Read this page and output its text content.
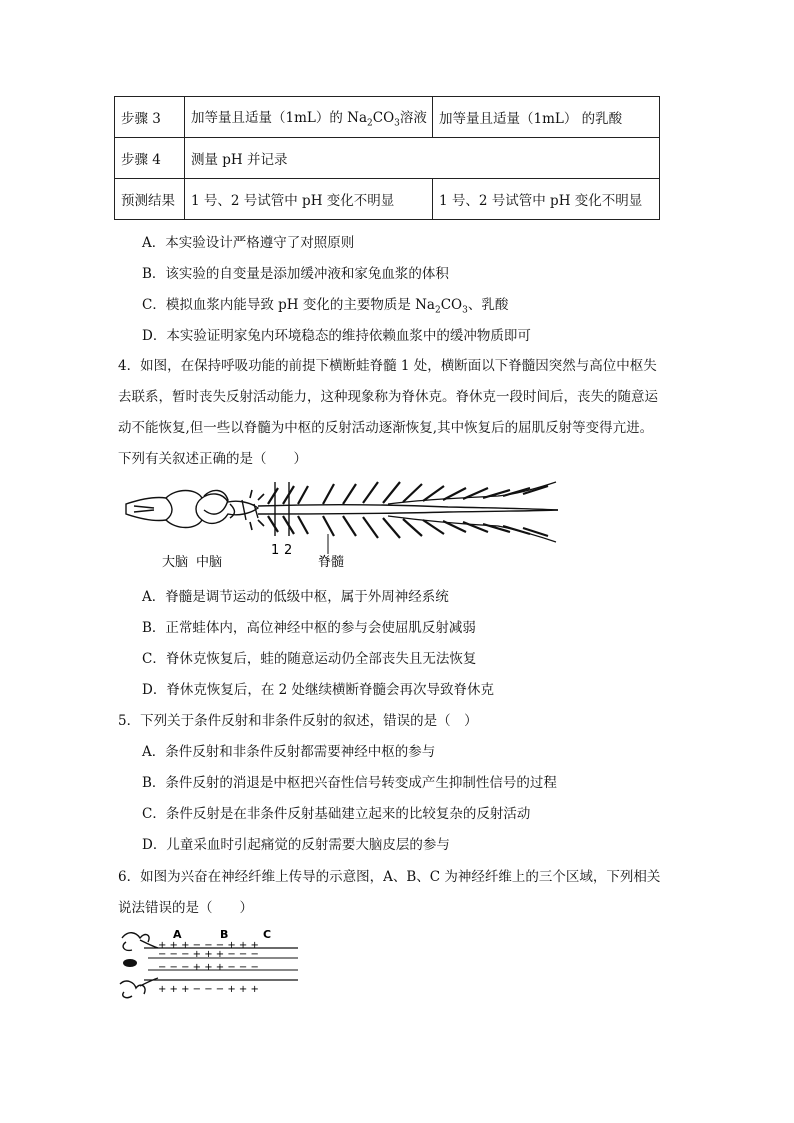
步骤 3	加等量且适量（1mL）的 $Na_2CO_3$溶液	加等量且适量（1mL） 的乳酸
步骤 4	测量 pH 并记录	
预测结果	1 号、2 号试管中 pH 变化不明显	1 号、2 号试管中 pH 变化不明显
A．本实验设计严格遵守了对照原则
B．该实验的自变量是添加缓冲液和家兔血浆的体积
C．模拟血浆内能导致 pH 变化的主要物质是 $Na_2CO_3$、乳酸
D．本实验证明家兔内环境稳态的维持依赖血浆中的缓冲物质即可
4．如图，在保持呼吸功能的前提下横断蛙脊髓 1 处，横断面以下脊髓因突然与高位中枢失
去联系，暂时丧失反射活动能力，这种现象称为脊休克。脊休克一段时间后，丧失的随意运
动不能恢复,但一些以脊髓为中枢的反射活动逐渐恢复,其中恢复后的屈肌反射等变得亢进。
下列有关叙述正确的是（　　）
大脑 中脑
1 2
脊髓
A．脊髓是调节运动的低级中枢，属于外周神经系统
B．正常蛙体内，高位神经中枢的参与会使屈肌反射减弱
C．脊休克恢复后，蛙的随意运动仍全部丧失且无法恢复
D．脊休克恢复后，在 2 处继续横断脊髓会再次导致脊休克
5．下列关于条件反射和非条件反射的叙述，错误的是（　）
A．条件反射和非条件反射都需要神经中枢的参与
B．条件反射的消退是中枢把兴奋性信号转变成产生抑制性信号的过程
C．条件反射是在非条件反射基础建立起来的比较复杂的反射活动
D．儿童采血时引起痛觉的反射需要大脑皮层的参与
6．如图为兴奋在神经纤维上传导的示意图，A、B、C 为神经纤维上的三个区域，下列相关
说法错误的是（　　）
A	B	C
+ + + − − − + + +
− − − + + + − − −
− − − + + + − − −
+ + + − − − + + +
